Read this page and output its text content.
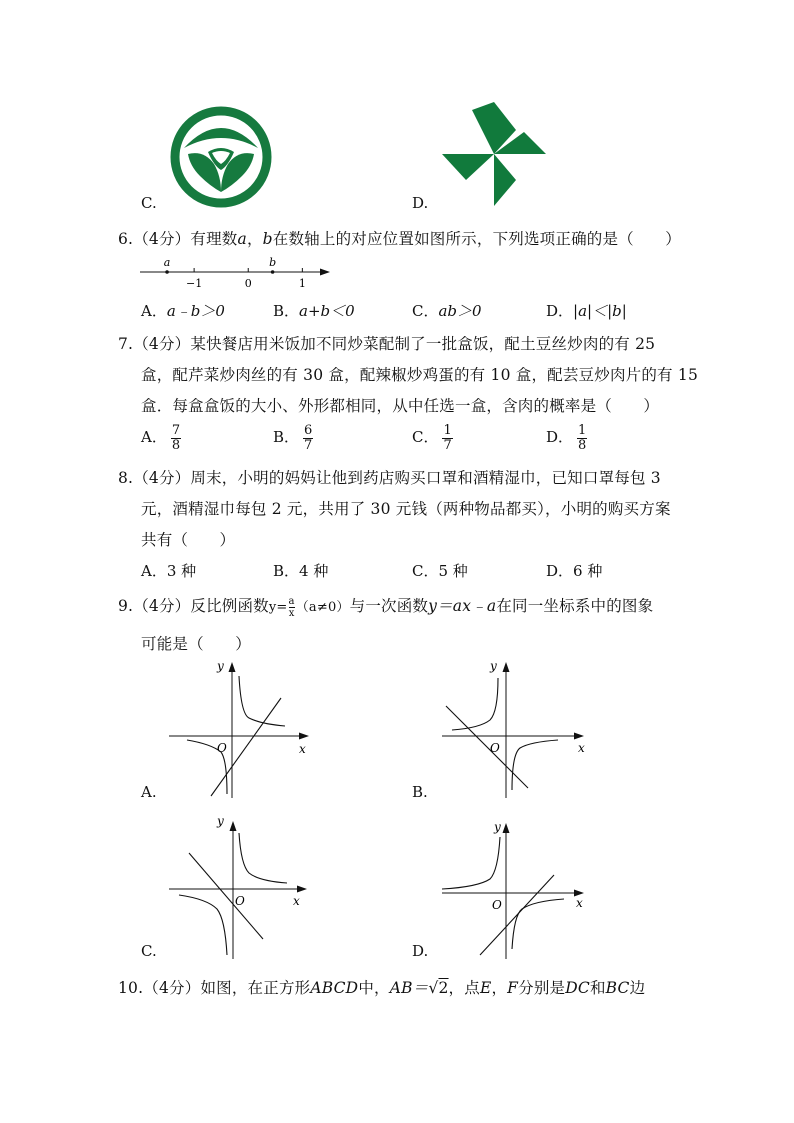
C.	D.
6.（4分）有理数a，b在数轴上的对应位置如图所示，下列选项正确的是（　　）
−1	0	1
a	b
A．a﹣b＞0	B．a+b＜0	C．ab＞0	D．|a|＜|b|
7.（4分）某快餐店用米饭加不同炒菜配制了一批盒饭，配土豆丝炒肉的有 25
盒，配芹菜炒肉丝的有 30 盒，配辣椒炒鸡蛋的有 10 盒，配芸豆炒肉片的有 15
盒．每盒盒饭的大小、外形都相同，从中任选一盒，含肉的概率是（　　）
A． $\frac{7}{8}$	B． $\frac{6}{7}$	C． $\frac{1}{7}$	D． $\frac{1}{8}$
8.（4分）周末，小明的妈妈让他到药店购买口罩和酒精湿巾，已知口罩每包 3
元，酒精湿巾每包 2 元，共用了 30 元钱（两种物品都买），小明的购买方案
共有（　　）
A．3 种	B．4 种	C．5 种	D．6 种
9.（4分）反比例函数$y= \frac{a}{x} (a\ne 0)$与一次函数y＝ax﹣a在同一坐标系中的图象
可能是（　　）
y
x
O
A.
y
x
O
B.
y
x
O
C.
y
x
O
D.
10.（4分）如图，在正方形ABCD中，AB＝√2，点E，F分别是DC和BC边
